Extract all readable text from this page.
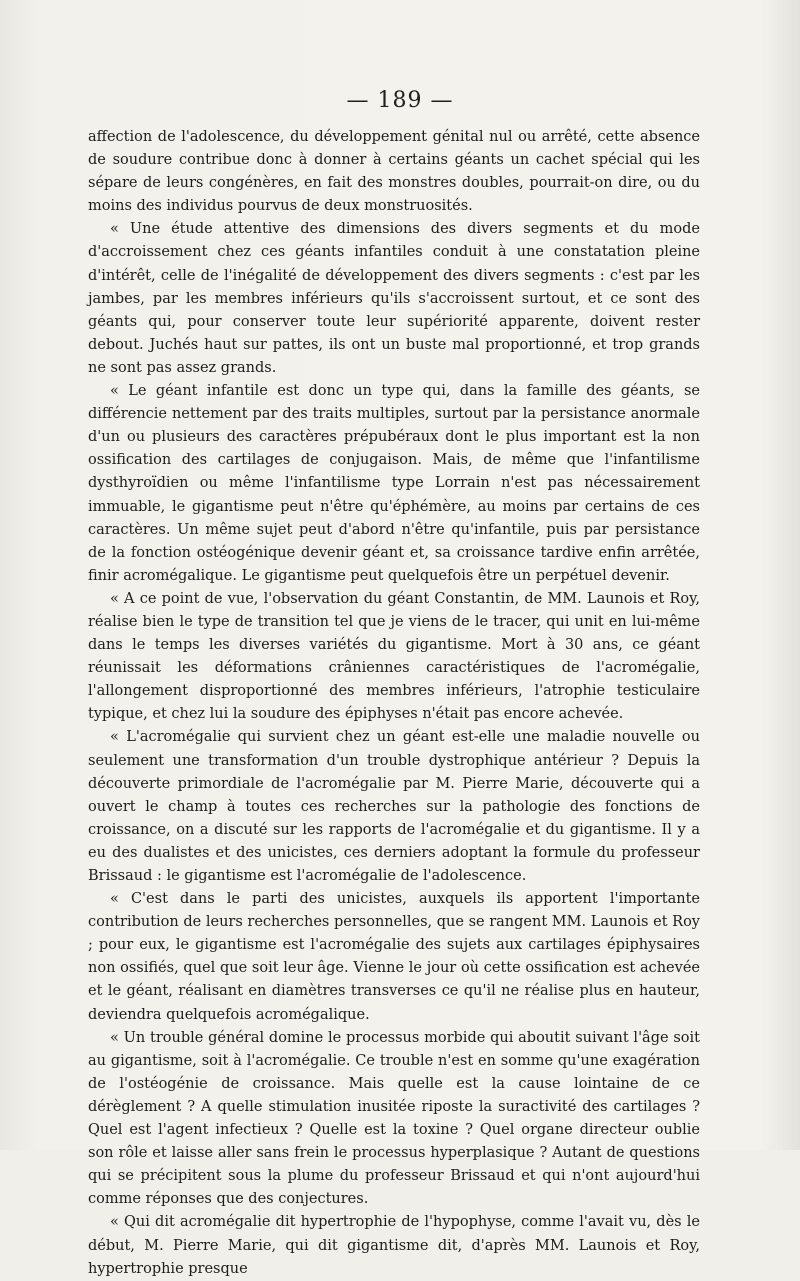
— 189 —

affection de l'adolescence, du développement génital nul ou arrêté, cette absence de soudure contribue donc à donner à certains géants un cachet spécial qui les sépare de leurs congénères, en fait des monstres doubles, pourrait-on dire, ou du moins des individus pourvus de deux monstruosités.

« Une étude attentive des dimensions des divers segments et du mode d'accroissement chez ces géants infantiles conduit à une constatation pleine d'intérêt, celle de l'inégalité de développement des divers segments : c'est par les jambes, par les membres inférieurs qu'ils s'accroissent surtout, et ce sont des géants qui, pour conserver toute leur supériorité apparente, doivent rester debout. Juchés haut sur pattes, ils ont un buste mal proportionné, et trop grands ne sont pas assez grands.

« Le géant infantile est donc un type qui, dans la famille des géants, se différencie nettement par des traits multiples, surtout par la persistance anormale d'un ou plusieurs des caractères prépubéraux dont le plus important est la non ossification des cartilages de conjugaison. Mais, de même que l'infantilisme dysthyroïdien ou même l'infantilisme type Lorrain n'est pas nécessairement immuable, le gigantisme peut n'être qu'éphémère, au moins par certains de ces caractères. Un même sujet peut d'abord n'être qu'infantile, puis par persistance de la fonction ostéogénique devenir géant et, sa croissance tardive enfin arrêtée, finir acromégalique. Le gigantisme peut quelquefois être un perpétuel devenir.

« A ce point de vue, l'observation du géant Constantin, de MM. Launois et Roy, réalise bien le type de transition tel que je viens de le tracer, qui unit en lui-même dans le temps les diverses variétés du gigantisme. Mort à 30 ans, ce géant réunissait les déformations crâniennes caractéristiques de l'acromégalie, l'allongement disproportionné des membres inférieurs, l'atrophie testiculaire typique, et chez lui la soudure des épiphyses n'était pas encore achevée.

« L'acromégalie qui survient chez un géant est-elle une maladie nouvelle ou seulement une transformation d'un trouble dystrophique antérieur ? Depuis la découverte primordiale de l'acromégalie par M. Pierre Marie, découverte qui a ouvert le champ à toutes ces recherches sur la pathologie des fonctions de croissance, on a discuté sur les rapports de l'acromégalie et du gigantisme. Il y a eu des dualistes et des unicistes, ces derniers adoptant la formule du professeur Brissaud : le gigantisme est l'acromégalie de l'adolescence.

« C'est dans le parti des unicistes, auxquels ils apportent l'importante contribution de leurs recherches personnelles, que se rangent MM. Launois et Roy ; pour eux, le gigantisme est l'acromégalie des sujets aux cartilages épiphysaires non ossifiés, quel que soit leur âge. Vienne le jour où cette ossification est achevée et le géant, réalisant en diamètres transverses ce qu'il ne réalise plus en hauteur, deviendra quelquefois acromégalique.

« Un trouble général domine le processus morbide qui aboutit suivant l'âge soit au gigantisme, soit à l'acromégalie. Ce trouble n'est en somme qu'une exagération de l'ostéogénie de croissance. Mais quelle est la cause lointaine de ce dérèglement ? A quelle stimulation inusitée riposte la suractivité des cartilages ? Quel est l'agent infectieux ? Quelle est la toxine ? Quel organe directeur oublie son rôle et laisse aller sans frein le processus hyperplasique ? Autant de questions qui se précipitent sous la plume du professeur Brissaud et qui n'ont aujourd'hui comme réponses que des conjectures.

« Qui dit acromégalie dit hypertrophie de l'hypophyse, comme l'avait vu, dès le début, M. Pierre Marie, qui dit gigantisme dit, d'après MM. Launois et Roy, hypertrophie presque
